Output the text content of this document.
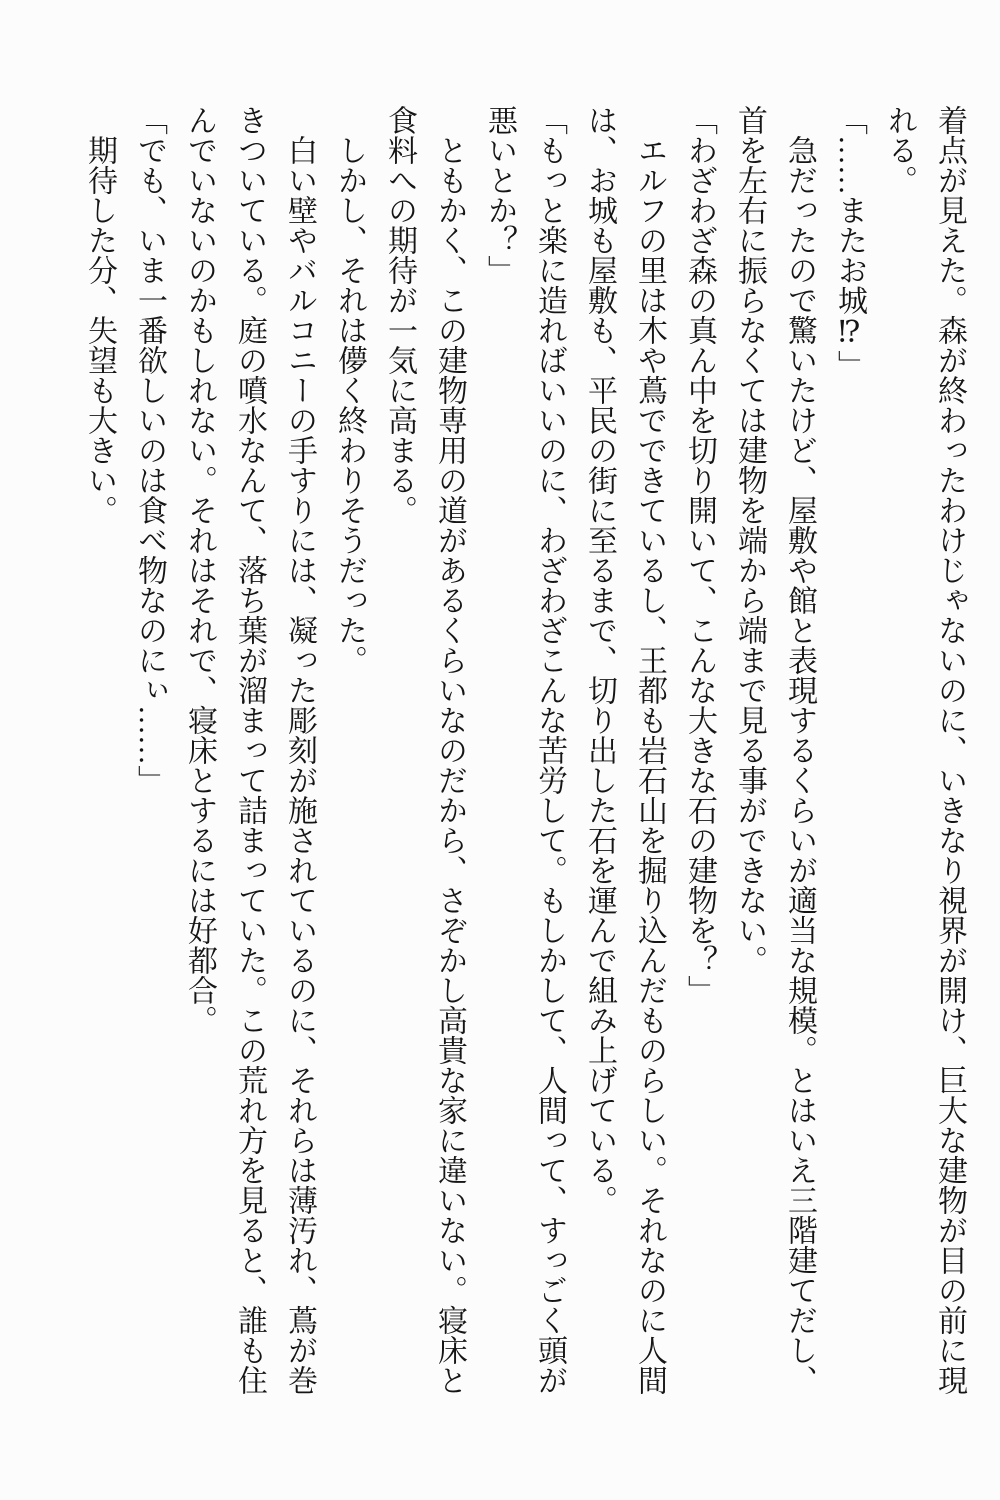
着点が見えた。森が終わったわけじゃないのに、いきなり視界が開け、巨大な建物が目の前に現れる。

「……またお城⁉」

　急だったので驚いたけど、屋敷や館と表現するくらいが適当な規模。とはいえ三階建てだし、首を左右に振らなくては建物を端から端まで見る事ができない。

「わざわざ森の真ん中を切り開いて、こんな大きな石の建物を？」

　エルフの里は木や蔦でできているし、王都も岩石山を掘り込んだものらしい。それなのに人間は、お城も屋敷も、平民の街に至るまで、切り出した石を運んで組み上げている。

「もっと楽に造ればいいのに、わざわざこんな苦労して。もしかして、人間って、すっごく頭が悪いとか？」

　ともかく、この建物専用の道があるくらいなのだから、さぞかし高貴な家に違いない。寝床と食料への期待が一気に高まる。

　しかし、それは儚く終わりそうだった。

　白い壁やバルコニーの手すりには、凝った彫刻が施されているのに、それらは薄汚れ、蔦が巻きついている。庭の噴水なんて、落ち葉が溜まって詰まっていた。この荒れ方を見ると、誰も住んでいないのかもしれない。それはそれで、寝床とするには好都合。

「でも、いま一番欲しいのは食べ物なのにぃ……」

　期待した分、失望も大きい。
